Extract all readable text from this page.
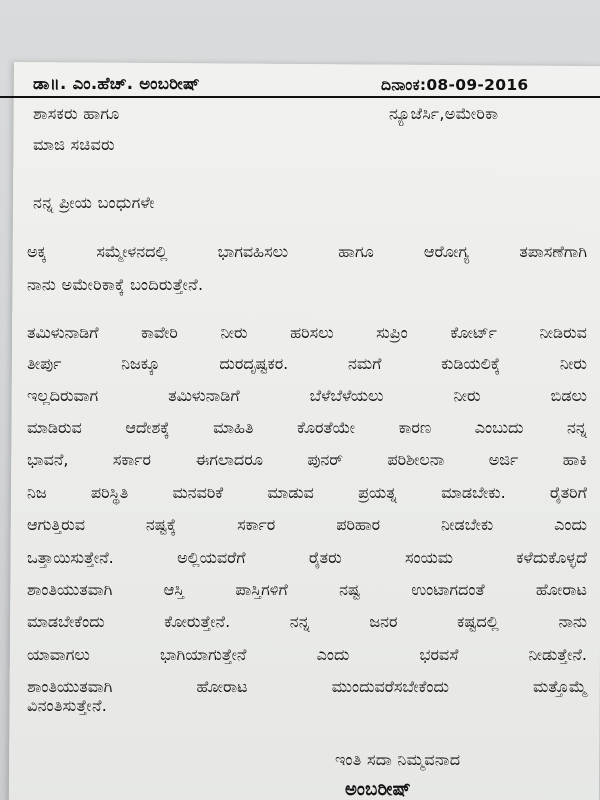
ಡಾ॥. ಎಂ.ಹೆಚ್. ಅಂಬರೀಷ್	ದಿನಾಂಕ:08-09-2016
ಶಾಸಕರು ಹಾಗೂ	ನ್ಯೂಜೆರ್ಸಿ,ಅಮೇರಿಕಾ
ಮಾಜಿ ಸಚಿವರು
ನನ್ನ ಪ್ರೀಯ ಬಂಧುಗಳೇ
ಅಕ್ಕ	ಸಮ್ಮೇಳನದಲ್ಲಿ	ಭಾಗವಹಿಸಲು	ಹಾಗೂ	ಆರೋಗ್ಯ	ತಪಾಸಣೆಗಾಗಿ
ನಾನು ಅಮೇರಿಕಾಕ್ಕೆ ಬಂದಿರುತ್ತೇನೆ.
ತಮಿಳುನಾಡಿಗೆ	ಕಾವೇರಿ	ನೀರು	ಹರಿಸಲು	ಸುಪ್ರಿಂ	ಕೋರ್ಟ್	ನೀಡಿರುವ
ತೀರ್ಪು	ನಿಜಕ್ಕೂ	ದುರದೃಷ್ಟಕರ.	ನಮಗೆ	ಕುಡಿಯಲಿಕ್ಕೆ	ನೀರು
ಇಲ್ಲದಿರುವಾಗ	ತಮಿಳುನಾಡಿಗೆ	ಬೆಳೆಬೆಳೆಯಲು	ನೀರು	ಬಿಡಲು
ಮಾಡಿರುವ	ಆದೇಶಕ್ಕೆ	ಮಾಹಿತಿ	ಕೊರತೆಯೇ	ಕಾರಣ	ಎಂಬುದು	ನನ್ನ
ಭಾವನೆ,	ಸರ್ಕಾರ	ಈಗಲಾದರೂ	ಪುನರ್	ಪರಿಶೀಲನಾ	ಅರ್ಜಿ	ಹಾಕಿ
ನಿಜ	ಪರಿಸ್ಥಿತಿ	ಮನವರಿಕೆ	ಮಾಡುವ	ಪ್ರಯತ್ನ	ಮಾಡಬೇಕು.	ರೈತರಿಗೆ
ಆಗುತ್ತಿರುವ	ನಷ್ಟಕ್ಕೆ	ಸರ್ಕಾರ	ಪರಿಹಾರ	ನೀಡಬೇಕು	ಎಂದು
ಒತ್ತಾಯಿಸುತ್ತೇನೆ.	ಅಲ್ಲಿಯವರೆಗೆ	ರೈತರು	ಸಂಯಮ	ಕಳೆದುಕೊಳ್ಳದೆ
ಶಾಂತಿಯುತವಾಗಿ	ಆಸ್ತಿ	ಪಾಸ್ತಿಗಳಿಗೆ	ನಷ್ಟ	ಉಂಟಾಗದಂತೆ	ಹೋರಾಟ
ಮಾಡಬೇಕೆಂದು	ಕೋರುತ್ತೇನೆ.	ನನ್ನ	ಜನರ	ಕಷ್ಟದಲ್ಲಿ	ನಾನು
ಯಾವಾಗಲು	ಭಾಗಿಯಾಗುತ್ತೇನೆ	ಎಂದು	ಭರವಸೆ	ನೀಡುತ್ತೇನೆ.
ಶಾಂತಿಯುತವಾಗಿ	ಹೋರಾಟ	ಮುಂದುವರೆಸಬೇಕೆಂದು	ಮತ್ತೊಮ್ಮೆ
ವಿನಂತಿಸುತ್ತೇನೆ.
ಇಂತಿ ಸದಾ ನಿಮ್ಮವನಾದ
ಅಂಬರೀಷ್
